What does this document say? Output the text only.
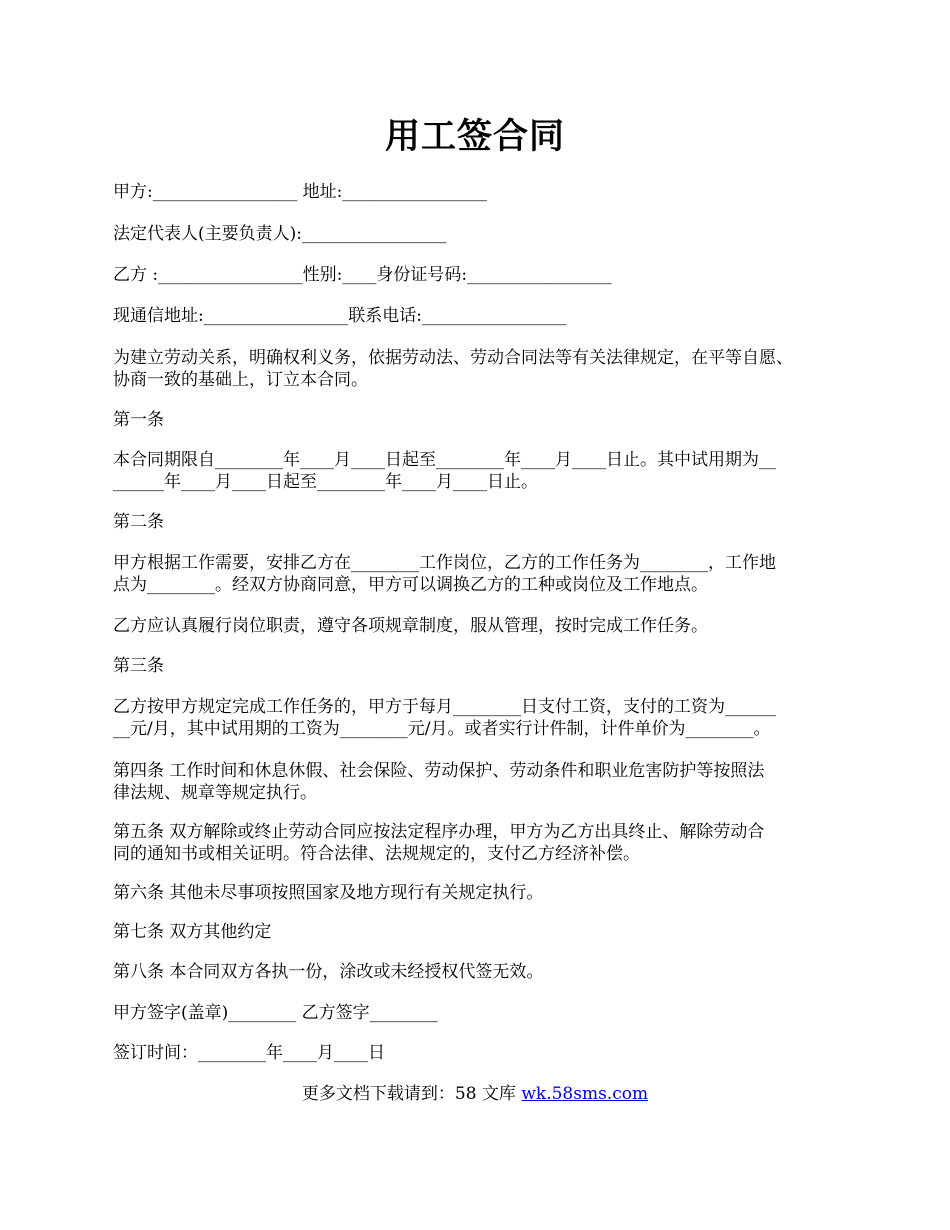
用工签合同
甲方:_________________ 地址:_________________
法定代表人(主要负责人):_________________
乙方 :_________________性别:____身份证号码:_________________
现通信地址:_________________联系电话:_________________
为建立劳动关系，明确权利义务，依据劳动法、劳动合同法等有关法律规定，在平等自愿、
协商一致的基础上，订立本合同。
第一条
本合同期限自________年____月____日起至________年____月____日止。其中试用期为__
______年____月____日起至________年____月____日止。
第二条
甲方根据工作需要，安排乙方在________工作岗位，乙方的工作任务为________，工作地
点为________。经双方协商同意，甲方可以调换乙方的工种或岗位及工作地点。
乙方应认真履行岗位职责，遵守各项规章制度，服从管理，按时完成工作任务。
第三条
乙方按甲方规定完成工作任务的，甲方于每月________日支付工资，支付的工资为______
__元/月，其中试用期的工资为________元/月。或者实行计件制，计件单价为________。
第四条 工作时间和休息休假、社会保险、劳动保护、劳动条件和职业危害防护等按照法
律法规、规章等规定执行。
第五条 双方解除或终止劳动合同应按法定程序办理，甲方为乙方出具终止、解除劳动合
同的通知书或相关证明。符合法律、法规规定的，支付乙方经济补偿。
第六条 其他未尽事项按照国家及地方现行有关规定执行。
第七条 双方其他约定
第八条 本合同双方各执一份，涂改或未经授权代签无效。
甲方签字(盖章)________ 乙方签字________
签订时间：________年____月____日
更多文档下载请到：58 文库 wk.58sms.com
